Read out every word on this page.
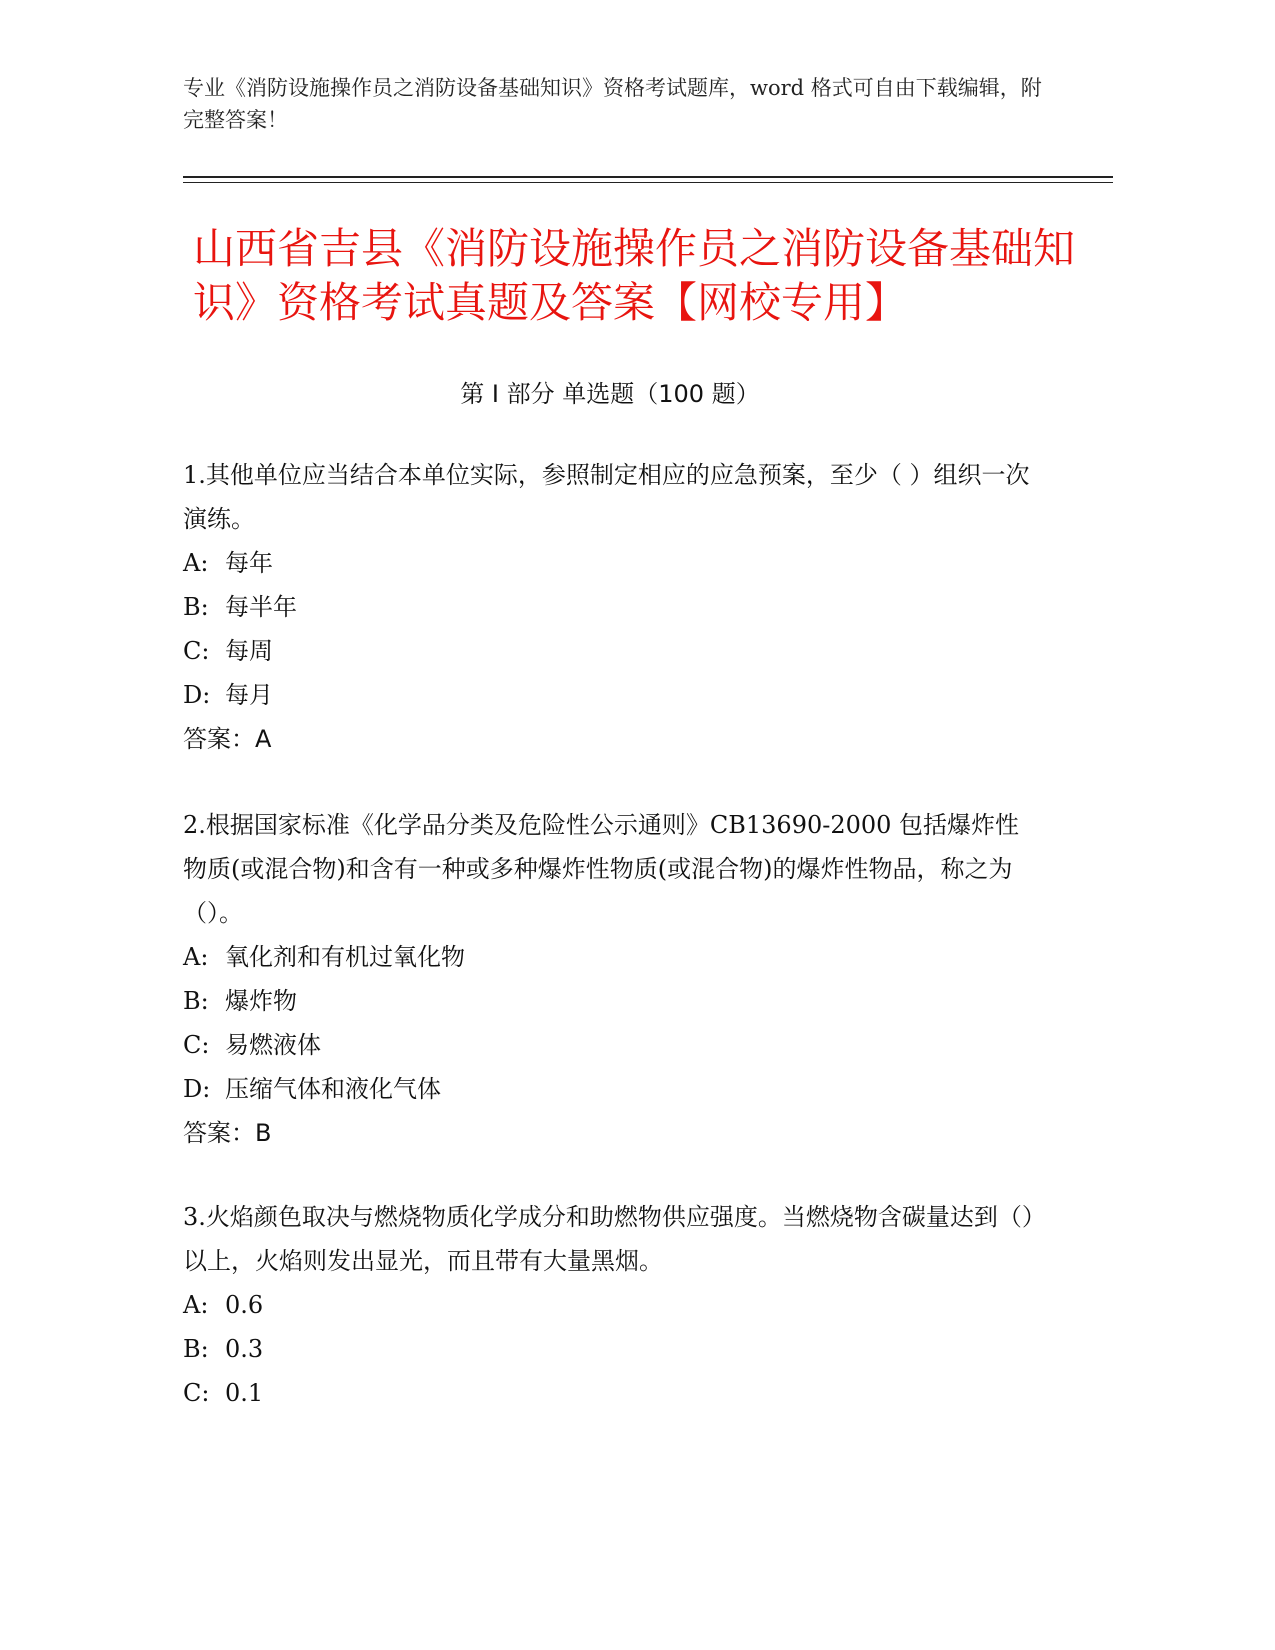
专业《消防设施操作员之消防设备基础知识》资格考试题库，word 格式可自由下载编辑，附完整答案！
山西省吉县《消防设施操作员之消防设备基础知识》资格考试真题及答案【网校专用】
第 I 部分 单选题（100 题）

1.其他单位应当结合本单位实际，参照制定相应的应急预案，至少（ ）组织一次演练。

A: 每年

B: 每半年

C: 每周

D: 每月

答案：A

2.根据国家标准《化学品分类及危险性公示通则》CB13690-2000 包括爆炸性物质(或混合物)和含有一种或多种爆炸性物质(或混合物)的爆炸性物品，称之为（）。

A: 氧化剂和有机过氧化物

B: 爆炸物

C: 易燃液体

D: 压缩气体和液化气体

答案：B

3.火焰颜色取决与燃烧物质化学成分和助燃物供应强度。当燃烧物含碳量达到（）以上，火焰则发出显光，而且带有大量黑烟。

A: 0.6

B: 0.3

C: 0.1
